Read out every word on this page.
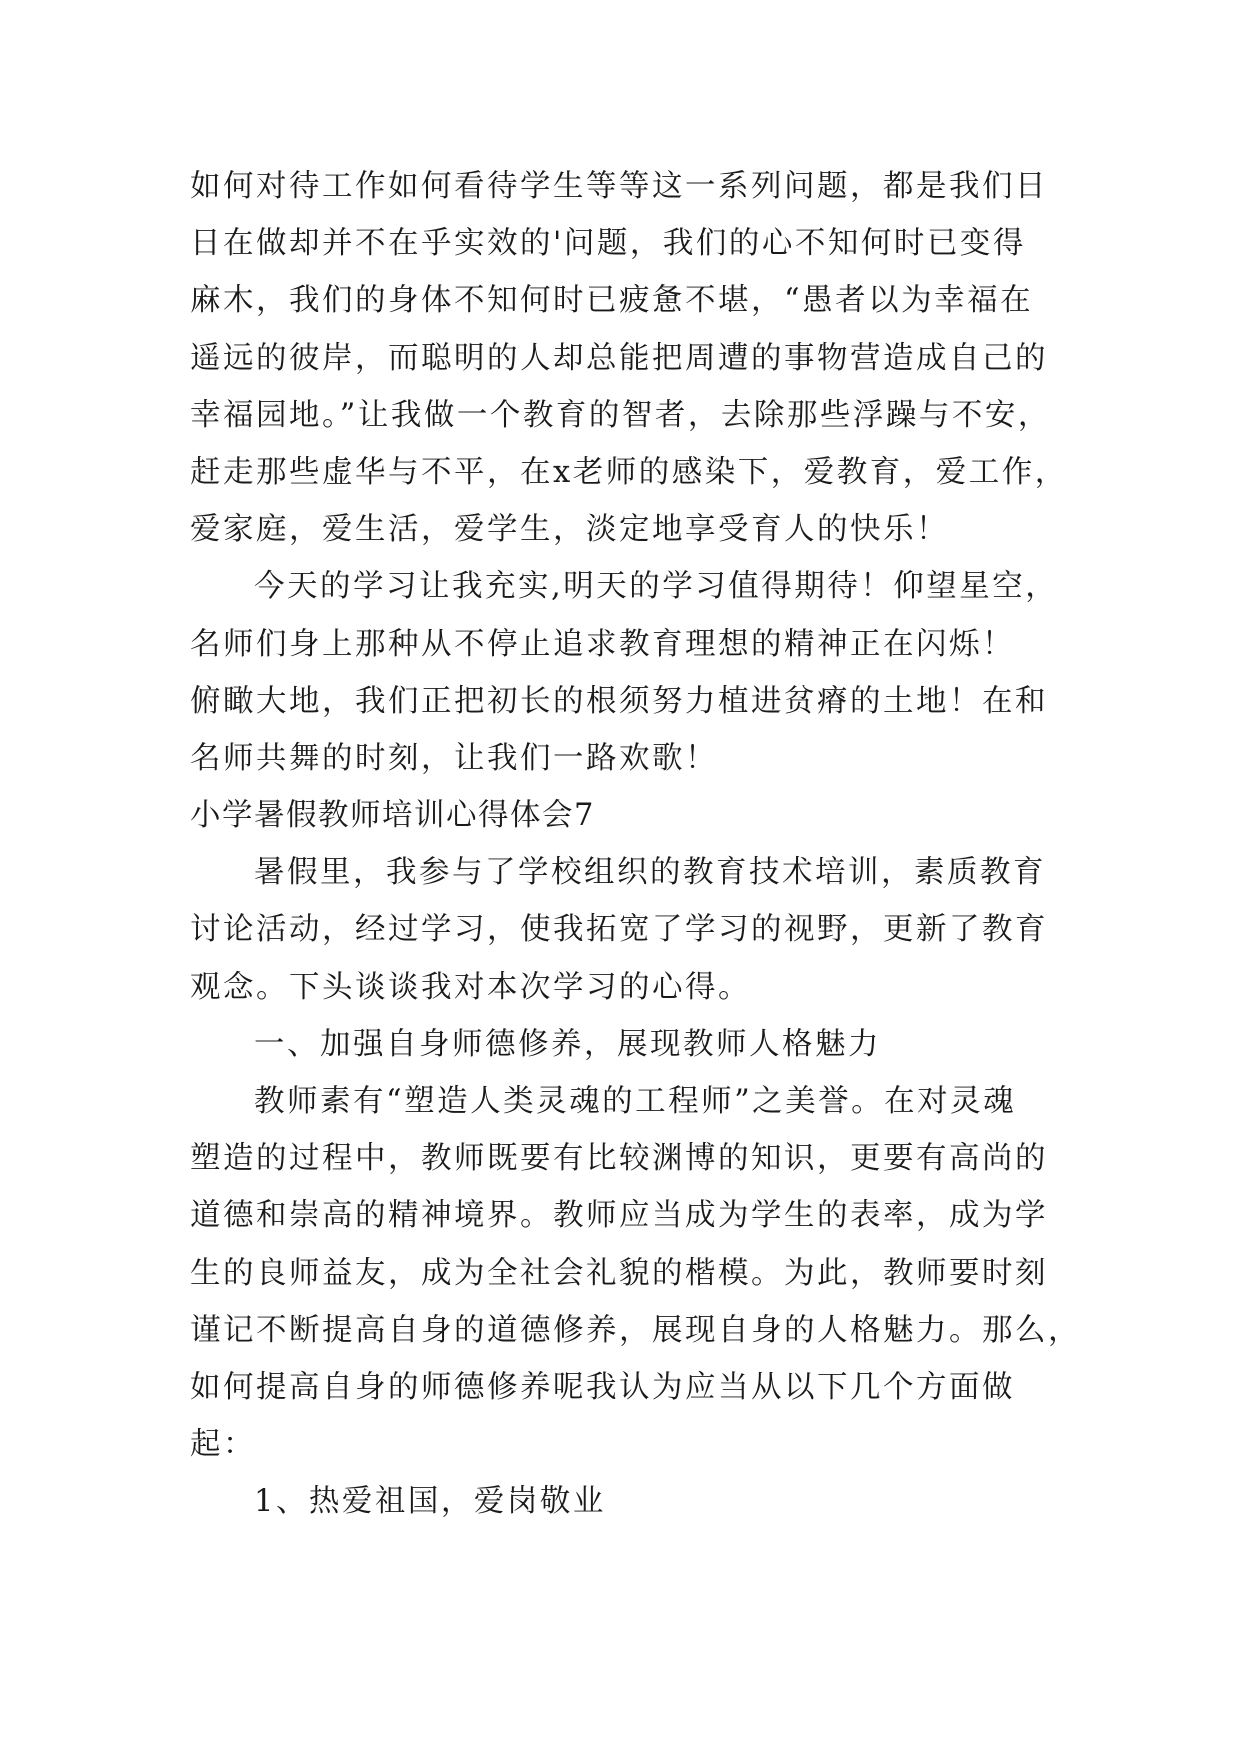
如何对待工作如何看待学生等等这一系列问题，都是我们日
日在做却并不在乎实效的'问题，我们的心不知何时已变得
麻木，我们的身体不知何时已疲惫不堪，“愚者以为幸福在
遥远的彼岸，而聪明的人却总能把周遭的事物营造成自己的
幸福园地。”让我做一个教育的智者，去除那些浮躁与不安，
赶走那些虚华与不平，在x老师的感染下，爱教育，爱工作，
爱家庭，爱生活，爱学生，淡定地享受育人的快乐！
今天的学习让我充实,明天的学习值得期待！仰望星空，
名师们身上那种从不停止追求教育理想的精神正在闪烁！
俯瞰大地，我们正把初长的根须努力植进贫瘠的土地！在和
名师共舞的时刻，让我们一路欢歌！
小学暑假教师培训心得体会7
暑假里，我参与了学校组织的教育技术培训，素质教育
讨论活动，经过学习，使我拓宽了学习的视野，更新了教育
观念。下头谈谈我对本次学习的心得。
一、加强自身师德修养，展现教师人格魅力
教师素有“塑造人类灵魂的工程师”之美誉。在对灵魂
塑造的过程中，教师既要有比较渊博的知识，更要有高尚的
道德和崇高的精神境界。教师应当成为学生的表率，成为学
生的良师益友，成为全社会礼貌的楷模。为此，教师要时刻
谨记不断提高自身的道德修养，展现自身的人格魅力。那么，
如何提高自身的师德修养呢我认为应当从以下几个方面做
起：
1、热爱祖国，爱岗敬业
